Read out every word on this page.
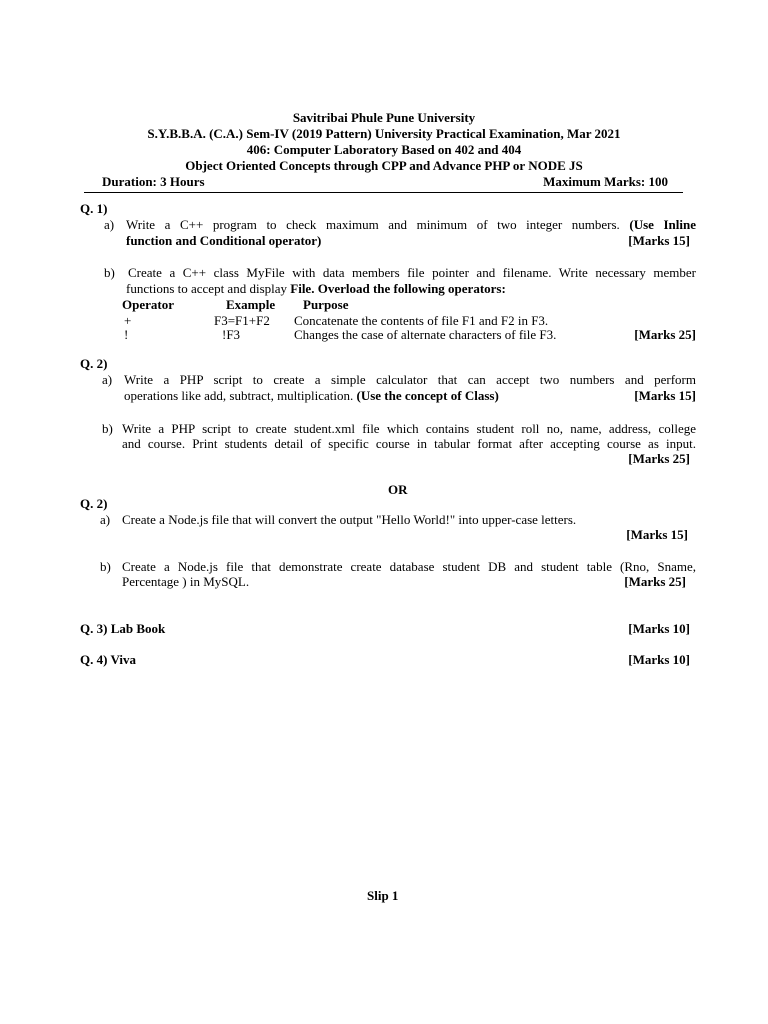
Savitribai Phule Pune University
S.Y.B.B.A. (C.A.) Sem-IV (2019 Pattern) University Practical Examination, Mar 2021
406: Computer Laboratory Based on 402 and 404
Object Oriented Concepts through CPP and Advance PHP or NODE JS
Duration: 3 Hours	Maximum Marks: 100
Q. 1)
a) Write a C++ program to check maximum and minimum of two integer numbers. (Use Inline
function and Conditional operator)	[Marks 15]
b) Create a C++ class MyFile with data members file pointer and filename. Write necessary member
functions to accept and display File. Overload the following operators:
Operator	Example Purpose
+	F3=F1+F2 Concatenate the contents of file F1 and F2 in F3.
!	!F3	Changes the case of alternate characters of file F3.	[Marks 25]
Q. 2)
a) Write a PHP script to create a simple calculator that can accept two numbers and perform
operations like add, subtract, multiplication. (Use the concept of Class)	[Marks 15]
b) Write a PHP script to create student.xml file which contains student roll no, name, address, college
and course. Print students detail of specific course in tabular format after accepting course as input.
[Marks 25]
OR
Q. 2)
a) Create a Node.js file that will convert the output "Hello World!" into upper-case letters.
[Marks 15]
b) Create a Node.js file that demonstrate create database student DB and student table (Rno, Sname,
Percentage ) in MySQL.	[Marks 25]
Q. 3) Lab Book	[Marks 10]
Q. 4) Viva	[Marks 10]
Slip 1
